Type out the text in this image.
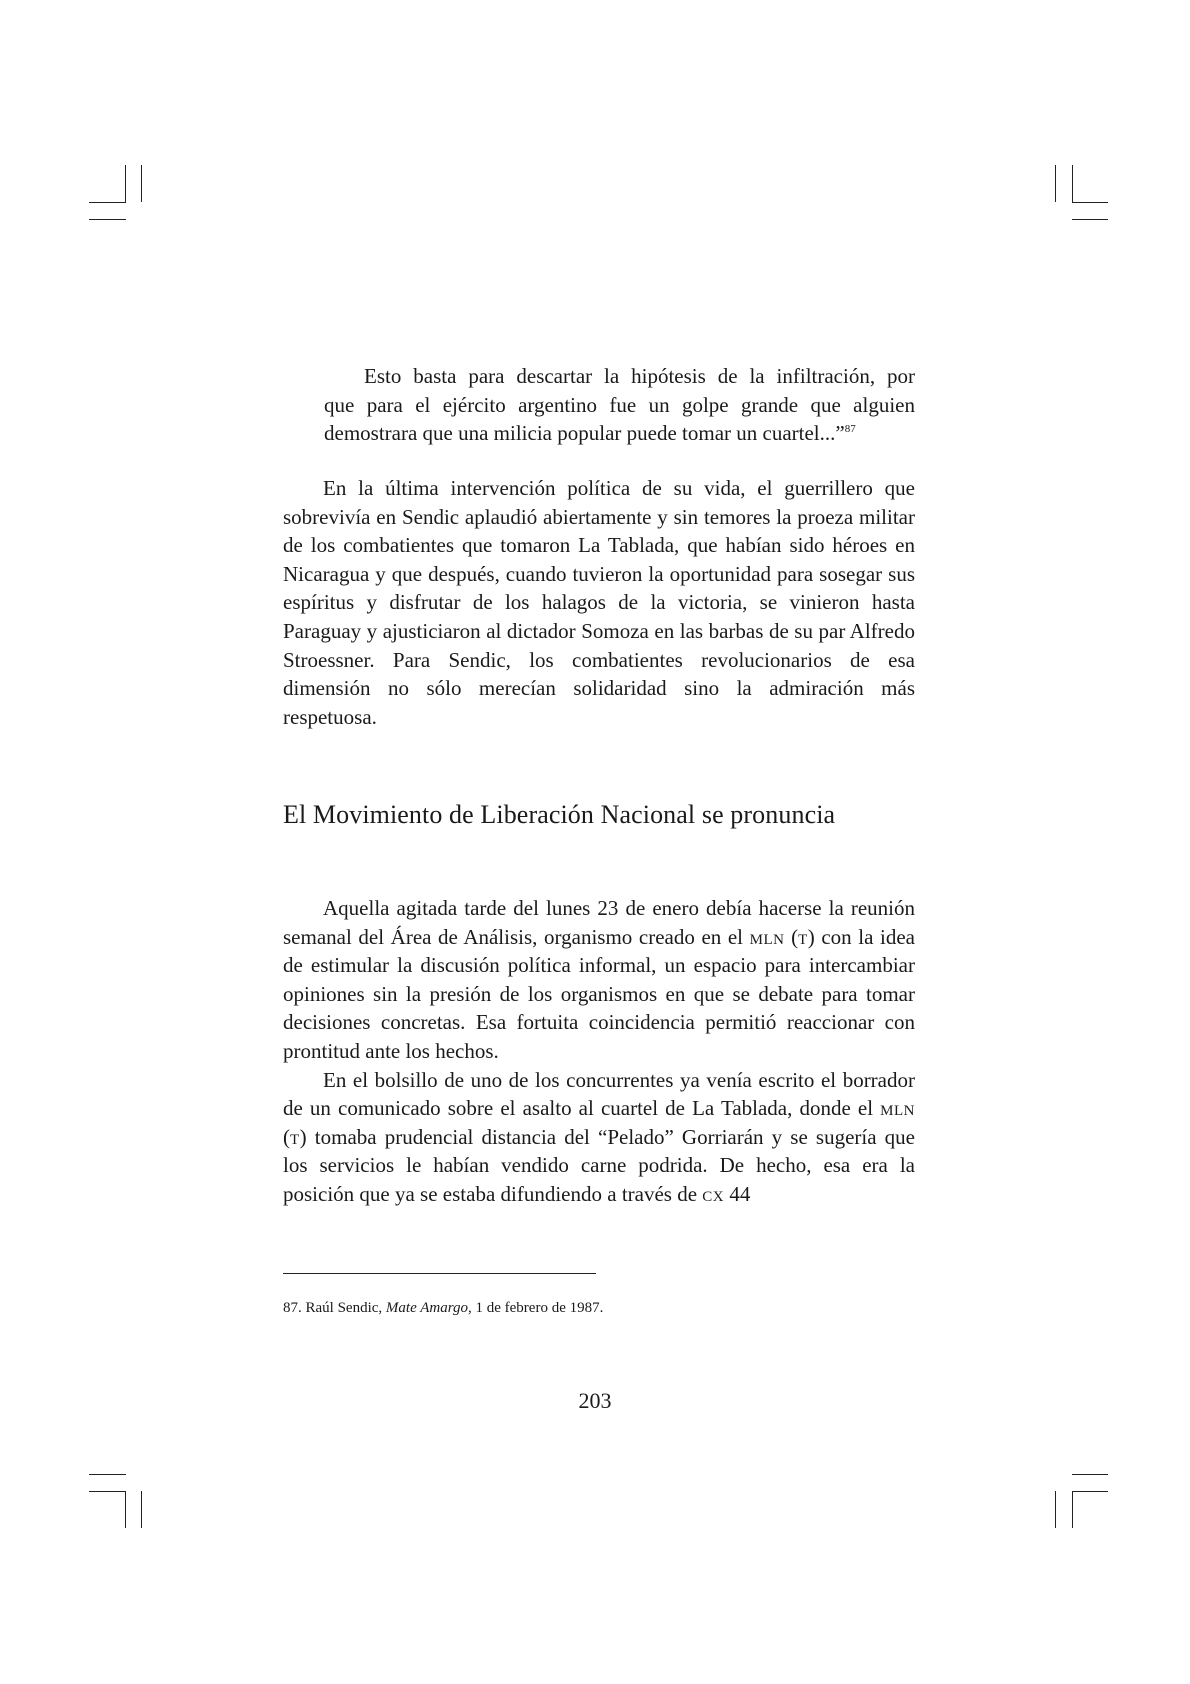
Esto basta para descartar la hipótesis de la infiltración, por

que para el ejército argentino fue un golpe grande que alguien

demostrara que una milicia popular puede tomar un cuartel...”$^{87}$

En la última intervención política de su vida, el guerrillero que sobrevivía en Sendic aplaudió abiertamente y sin temores la proeza militar de los combatientes que tomaron La Tablada, que habían sido héroes en Nicaragua y que después, cuando tuvieron la oportunidad para sosegar sus espíritus y disfrutar de los halagos de la victoria, se vinieron hasta Paraguay y ajusticiaron al dictador Somoza en las barbas de su par Alfredo Stroessner. Para Sendic, los combatientes revolucionarios de esa dimensión no sólo merecían solidaridad sino la admiración más respetuosa.

El Movimiento de Liberación Nacional se pronuncia

Aquella agitada tarde del lunes 23 de enero debía hacerse la reunión semanal del Área de Análisis, organismo creado en el mln (t) con la idea de estimular la discusión política informal, un espacio para intercambiar opiniones sin la presión de los organismos en que se debate para tomar decisiones concretas. Esa fortuita coincidencia permitió reaccionar con prontitud ante los hechos.

En el bolsillo de uno de los concurrentes ya venía escrito el borrador de un comunicado sobre el asalto al cuartel de La Tablada, donde el mln (t) tomaba prudencial distancia del “Pelado” Gorriarán y se sugería que los servicios le habían vendido carne podrida. De hecho, esa era la posición que ya se estaba difundiendo a través de cx 44

87. Raúl Sendic, Mate Amargo, 1 de febrero de 1987.
203
